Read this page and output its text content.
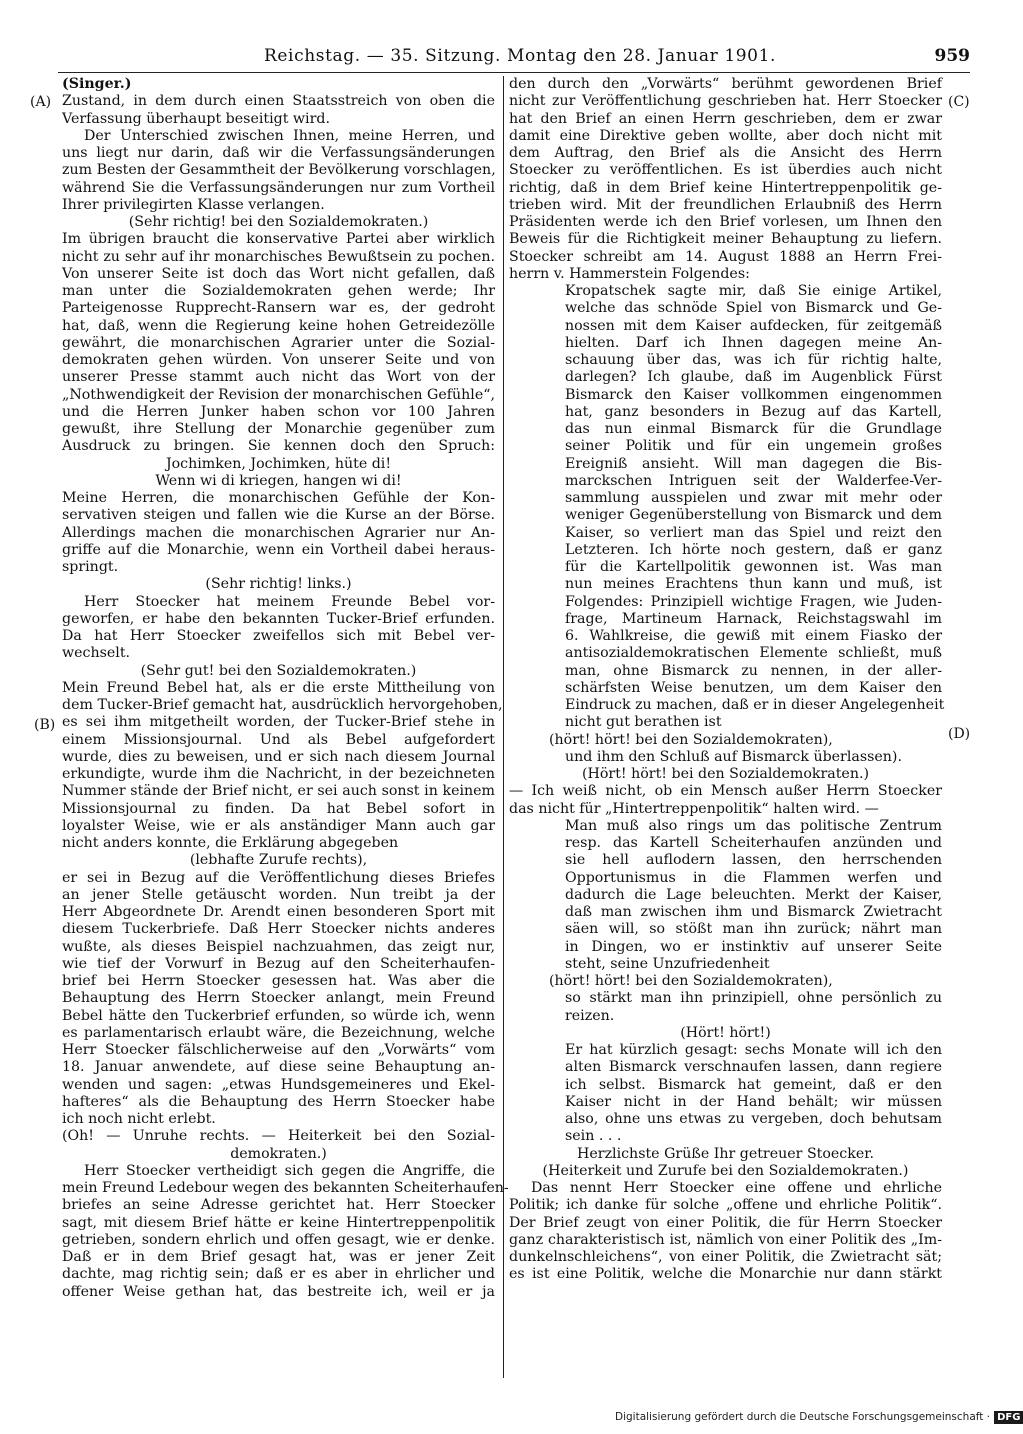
Reichstag. — 35. Sitzung. Montag den 28. Januar 1901.	959
(A)
(B)
(C)
(D)
(Singer.)
Zustand, in dem durch einen Staatsstreich von oben die
Verfassung überhaupt beseitigt wird.
Der Unterschied zwischen Ihnen, meine Herren, und
uns liegt nur darin, daß wir die Verfassungsänderungen
zum Besten der Gesammtheit der Bevölkerung vorschlagen,
während Sie die Verfassungsänderungen nur zum Vortheil
Ihrer privilegirten Klasse verlangen.
(Sehr richtig! bei den Sozialdemokraten.)
Im übrigen braucht die konservative Partei aber wirklich
nicht zu sehr auf ihr monarchisches Bewußtsein zu pochen.
Von unserer Seite ist doch das Wort nicht gefallen, daß
man unter die Sozialdemokraten gehen werde; Ihr
Parteigenosse Rupprecht-Ransern war es, der gedroht
hat, daß, wenn die Regierung keine hohen Getreidezölle
gewährt, die monarchischen Agrarier unter die Sozial-
demokraten gehen würden. Von unserer Seite und von
unserer Presse stammt auch nicht das Wort von der
„Nothwendigkeit der Revision der monarchischen Gefühle“,
und die Herren Junker haben schon vor 100 Jahren
gewußt, ihre Stellung der Monarchie gegenüber zum
Ausdruck zu bringen. Sie kennen doch den Spruch:
Jochimken, Jochimken, hüte di!
Wenn wi di kriegen, hangen wi di!
Meine Herren, die monarchischen Gefühle der Kon-
servativen steigen und fallen wie die Kurse an der Börse.
Allerdings machen die monarchischen Agrarier nur An-
griffe auf die Monarchie, wenn ein Vortheil dabei heraus-
springt.
(Sehr richtig! links.)
Herr Stoecker hat meinem Freunde Bebel vor-
geworfen, er habe den bekannten Tucker-Brief erfunden.
Da hat Herr Stoecker zweifellos sich mit Bebel ver-
wechselt.
(Sehr gut! bei den Sozialdemokraten.)
Mein Freund Bebel hat, als er die erste Mittheilung von
dem Tucker-Brief gemacht hat, ausdrücklich hervorgehoben,
es sei ihm mitgetheilt worden, der Tucker-Brief stehe in
einem Missionsjournal. Und als Bebel aufgefordert
wurde, dies zu beweisen, und er sich nach diesem Journal
erkundigte, wurde ihm die Nachricht, in der bezeichneten
Nummer stände der Brief nicht, er sei auch sonst in keinem
Missionsjournal zu finden. Da hat Bebel sofort in
loyalster Weise, wie er als anständiger Mann auch gar
nicht anders konnte, die Erklärung abgegeben
(lebhafte Zurufe rechts),
er sei in Bezug auf die Veröffentlichung dieses Briefes
an jener Stelle getäuscht worden. Nun treibt ja der
Herr Abgeordnete Dr. Arendt einen besonderen Sport mit
diesem Tuckerbriefe. Daß Herr Stoecker nichts anderes
wußte, als dieses Beispiel nachzuahmen, das zeigt nur,
wie tief der Vorwurf in Bezug auf den Scheiterhaufen-
brief bei Herrn Stoecker gesessen hat. Was aber die
Behauptung des Herrn Stoecker anlangt, mein Freund
Bebel hätte den Tuckerbrief erfunden, so würde ich, wenn
es parlamentarisch erlaubt wäre, die Bezeichnung, welche
Herr Stoecker fälschlicherweise auf den „Vorwärts“ vom
18. Januar anwendete, auf diese seine Behauptung an-
wenden und sagen: „etwas Hundsgemeineres und Ekel-
hafteres“ als die Behauptung des Herrn Stoecker habe
ich noch nicht erlebt.
(Oh! — Unruhe rechts. — Heiterkeit bei den Sozial-
demokraten.)
Herr Stoecker vertheidigt sich gegen die Angriffe, die
mein Freund Ledebour wegen des bekannten Scheiterhaufen-
briefes an seine Adresse gerichtet hat. Herr Stoecker
sagt, mit diesem Brief hätte er keine Hintertreppenpolitik
getrieben, sondern ehrlich und offen gesagt, wie er denke.
Daß er in dem Brief gesagt hat, was er jener Zeit
dachte, mag richtig sein; daß er es aber in ehrlicher und
offener Weise gethan hat, das bestreite ich, weil er ja
den durch den „Vorwärts“ berühmt gewordenen Brief
nicht zur Veröffentlichung geschrieben hat. Herr Stoecker
hat den Brief an einen Herrn geschrieben, dem er zwar
damit eine Direktive geben wollte, aber doch nicht mit
dem Auftrag, den Brief als die Ansicht des Herrn
Stoecker zu veröffentlichen. Es ist überdies auch nicht
richtig, daß in dem Brief keine Hintertreppenpolitik ge-
trieben wird. Mit der freundlichen Erlaubniß des Herrn
Präsidenten werde ich den Brief vorlesen, um Ihnen den
Beweis für die Richtigkeit meiner Behauptung zu liefern.
Stoecker schreibt am 14. August 1888 an Herrn Frei-
herrn v. Hammerstein Folgendes:
Kropatschek sagte mir, daß Sie einige Artikel,
welche das schnöde Spiel von Bismarck und Ge-
nossen mit dem Kaiser aufdecken, für zeitgemäß
hielten. Darf ich Ihnen dagegen meine An-
schauung über das, was ich für richtig halte,
darlegen? Ich glaube, daß im Augenblick Fürst
Bismarck den Kaiser vollkommen eingenommen
hat, ganz besonders in Bezug auf das Kartell,
das nun einmal Bismarck für die Grundlage
seiner Politik und für ein ungemein großes
Ereigniß ansieht. Will man dagegen die Bis-
marckschen Intriguen seit der Walderfee-Ver-
sammlung ausspielen und zwar mit mehr oder
weniger Gegenüberstellung von Bismarck und dem
Kaiser, so verliert man das Spiel und reizt den
Letzteren. Ich hörte noch gestern, daß er ganz
für die Kartellpolitik gewonnen ist. Was man
nun meines Erachtens thun kann und muß, ist
Folgendes: Prinzipiell wichtige Fragen, wie Juden-
frage, Martineum Harnack, Reichstagswahl im
6. Wahlkreise, die gewiß mit einem Fiasko der
antisozialdemokratischen Elemente schließt, muß
man, ohne Bismarck zu nennen, in der aller-
schärfsten Weise benutzen, um dem Kaiser den
Eindruck zu machen, daß er in dieser Angelegenheit
nicht gut berathen ist
(hört! hört! bei den Sozialdemokraten),
und ihm den Schluß auf Bismarck überlassen).
(Hört! hört! bei den Sozialdemokraten.)
— Ich weiß nicht, ob ein Mensch außer Herrn Stoecker
das nicht für „Hintertreppenpolitik“ halten wird. —
Man muß also rings um das politische Zentrum
resp. das Kartell Scheiterhaufen anzünden und
sie hell auflodern lassen, den herrschenden
Opportunismus in die Flammen werfen und
dadurch die Lage beleuchten. Merkt der Kaiser,
daß man zwischen ihm und Bismarck Zwietracht
säen will, so stößt man ihn zurück; nährt man
in Dingen, wo er instinktiv auf unserer Seite
steht, seine Unzufriedenheit
(hört! hört! bei den Sozialdemokraten),
so stärkt man ihn prinzipiell, ohne persönlich zu
reizen.
(Hört! hört!)
Er hat kürzlich gesagt: sechs Monate will ich den
alten Bismarck verschnaufen lassen, dann regiere
ich selbst. Bismarck hat gemeint, daß er den
Kaiser nicht in der Hand behält; wir müssen
also, ohne uns etwas zu vergeben, doch behutsam
sein . . .
Herzlichste Grüße Ihr getreuer Stoecker.
(Heiterkeit und Zurufe bei den Sozialdemokraten.)
Das nennt Herr Stoecker eine offene und ehrliche
Politik; ich danke für solche „offene und ehrliche Politik“.
Der Brief zeugt von einer Politik, die für Herrn Stoecker
ganz charakteristisch ist, nämlich von einer Politik des „Im-
dunkelnschleichens“, von einer Politik, die Zwietracht sät;
es ist eine Politik, welche die Monarchie nur dann stärkt
Digitalisierung gefördert durch die Deutsche Forschungsgemeinschaft · DFG
